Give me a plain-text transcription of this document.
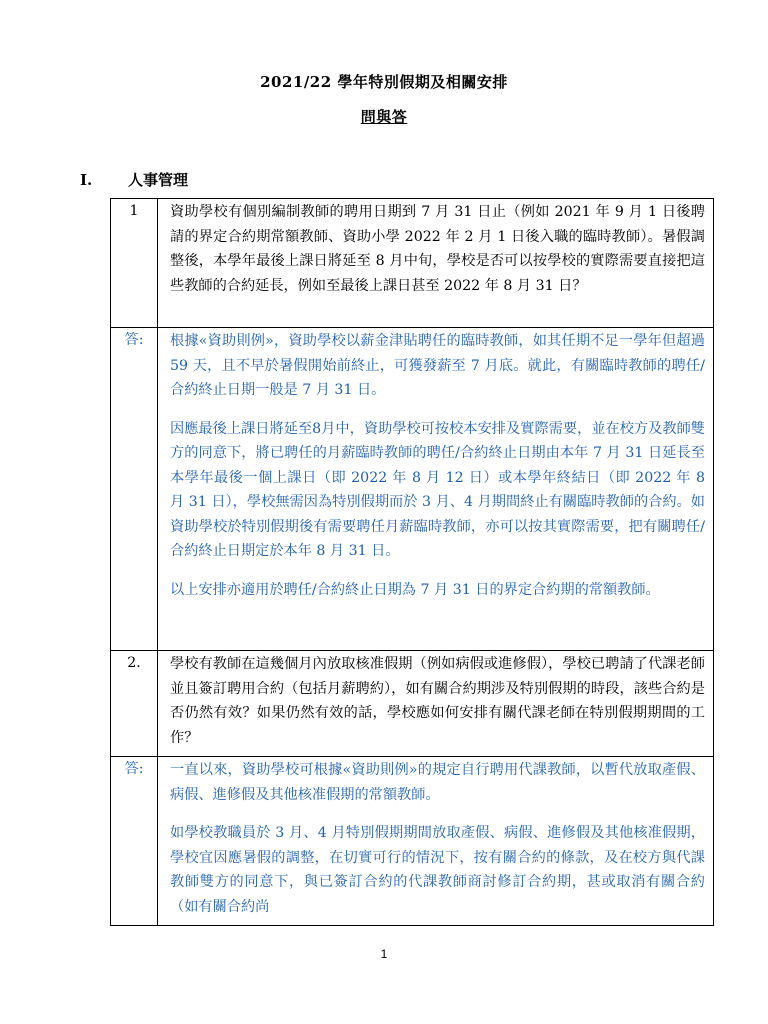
2021/22 學年特別假期及相關安排
問與答
I. 人事管理
1	資助學校有個別編制教師的聘用日期到 7 月 31 日止（例如 2021 年 9 月 1 日後聘請的界定合約期常額教師、資助小學 2022 年 2 月 1 日後入職的臨時教師）。暑假調整後，本學年最後上課日將延至 8 月中旬，學校是否可以按學校的實際需要直接把這些教師的合約延長，例如至最後上課日甚至 2022 年 8 月 31 日？

答:	根據«資助則例»，資助學校以薪金津貼聘任的臨時教師，如其任期不足一學年但超過 59 天，且不早於暑假開始前終止，可獲發薪至 7 月底。就此，有關臨時教師的聘任/合約終止日期一般是 7 月 31 日。
因應最後上課日將延至8月中，資助學校可按校本安排及實際需要，並在校方及教師雙方的同意下，將已聘任的月薪臨時教師的聘任/合約終止日期由本年 7 月 31 日延長至本學年最後一個上課日（即 2022 年 8 月 12 日）或本學年終結日（即 2022 年 8 月 31 日），學校無需因為特別假期而於 3 月、4 月期間終止有關臨時教師的合約。如資助學校於特別假期後有需要聘任月薪臨時教師，亦可以按其實際需要，把有關聘任/合約終止日期定於本年 8 月 31 日。
以上安排亦適用於聘任/合約終止日期為 7 月 31 日的界定合約期的常額教師。

2.	學校有教師在這幾個月內放取核准假期（例如病假或進修假），學校已聘請了代課老師並且簽訂聘用合約（包括月薪聘約），如有關合約期涉及特別假期的時段，該些合約是否仍然有效？如果仍然有效的話，學校應如何安排有關代課老師在特別假期期間的工作？

答:	一直以來，資助學校可根據«資助則例»的規定自行聘用代課教師，以暫代放取產假、病假、進修假及其他核准假期的常額教師。
如學校教職員於 3 月、4 月特別假期期間放取產假、病假、進修假及其他核准假期，學校宜因應暑假的調整，在切實可行的情況下，按有關合約的條款，及在校方與代課教師雙方的同意下，與已簽訂合約的代課教師商討修訂合約期，甚或取消有關合約（如有關合約尚
1
